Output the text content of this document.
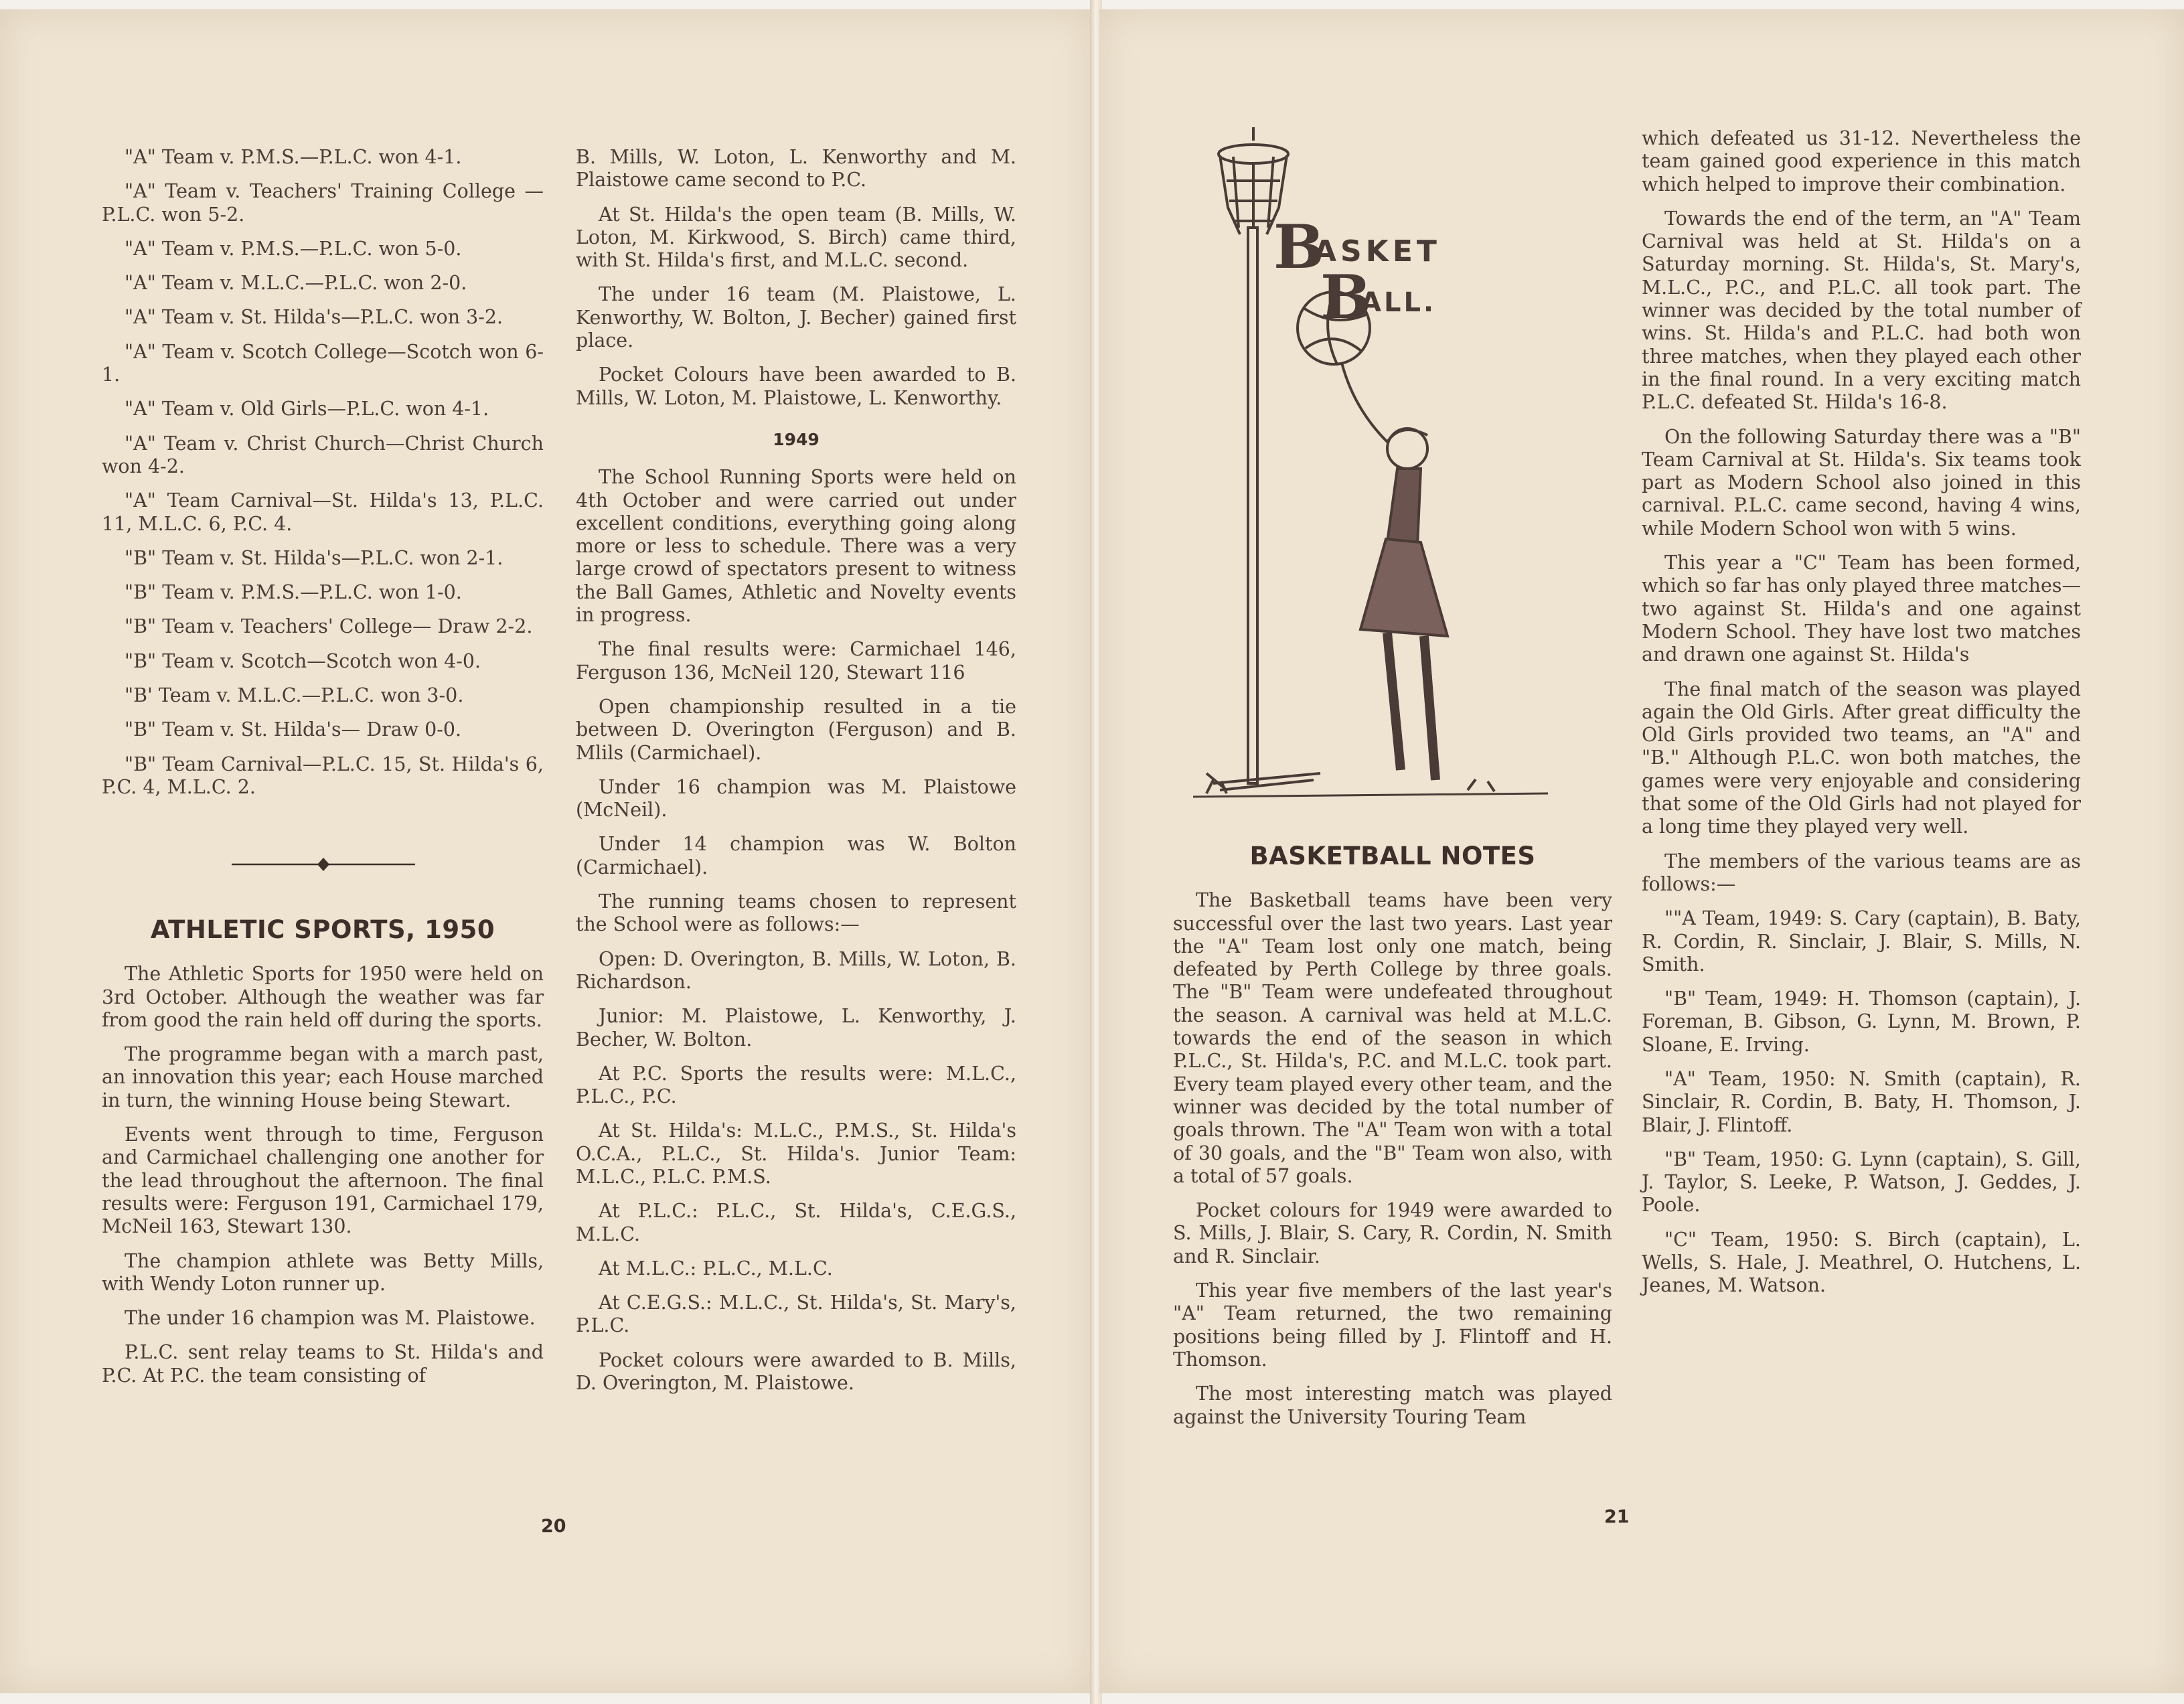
"A" Team v. P.M.S.—P.L.C. won 4-1.

"A" Team v. Teachers' Training College —P.L.C. won 5-2.

"A" Team v. P.M.S.—P.L.C. won 5-0.

"A" Team v. M.L.C.—P.L.C. won 2-0.

"A" Team v. St. Hilda's—P.L.C. won 3-2.

"A" Team v. Scotch College—Scotch won 6-1.

"A" Team v. Old Girls—P.L.C. won 4-1.

"A" Team v. Christ Church—Christ Church won 4-2.

"A" Team Carnival—St. Hilda's 13, P.L.C. 11, M.L.C. 6, P.C. 4.

"B" Team v. St. Hilda's—P.L.C. won 2-1.

"B" Team v. P.M.S.—P.L.C. won 1-0.

"B" Team v. Teachers' College— Draw 2-2.

"B" Team v. Scotch—Scotch won 4-0.

"B' Team v. M.L.C.—P.L.C. won 3-0.

"B" Team v. St. Hilda's— Draw 0-0.

"B" Team Carnival—P.L.C. 15, St. Hilda's 6, P.C. 4, M.L.C. 2.

ATHLETIC SPORTS, 1950

The Athletic Sports for 1950 were held on 3rd October. Although the weather was far from good the rain held off during the sports.

The programme began with a march past, an innovation this year; each House marched in turn, the winning House being Stewart.

Events went through to time, Ferguson and Carmichael challenging one another for the lead throughout the afternoon. The final results were: Ferguson 191, Carmichael 179, McNeil 163, Stewart 130.

The champion athlete was Betty Mills, with Wendy Loton runner up.

The under 16 champion was M. Plaistowe.

P.L.C. sent relay teams to St. Hilda's and P.C. At P.C. the team consisting of

B. Mills, W. Loton, L. Kenworthy and M. Plaistowe came second to P.C.

At St. Hilda's the open team (B. Mills, W. Loton, M. Kirkwood, S. Birch) came third, with St. Hilda's first, and M.L.C. second.

The under 16 team (M. Plaistowe, L. Kenworthy, W. Bolton, J. Becher) gained first place.

Pocket Colours have been awarded to B. Mills, W. Loton, M. Plaistowe, L. Kenworthy.

1949

The School Running Sports were held on 4th October and were carried out under excellent conditions, everything going along more or less to schedule. There was a very large crowd of spectators present to witness the Ball Games, Athletic and Novelty events in progress.

The final results were: Carmichael 146, Ferguson 136, McNeil 120, Stewart 116

Open championship resulted in a tie between D. Overington (Ferguson) and B. Mlils (Carmichael).

Under 16 champion was M. Plaistowe (McNeil).

Under 14 champion was W. Bolton (Carmichael).

The running teams chosen to represent the School were as follows:—

Open: D. Overington, B. Mills, W. Loton, B. Richardson.

Junior: M. Plaistowe, L. Kenworthy, J. Becher, W. Bolton.

At P.C. Sports the results were: M.L.C., P.L.C., P.C.

At St. Hilda's: M.L.C., P.M.S., St. Hilda's O.C.A., P.L.C., St. Hilda's. Junior Team: M.L.C., P.L.C. P.M.S.

At P.L.C.: P.L.C., St. Hilda's, C.E.G.S., M.L.C.

At M.L.C.: P.L.C., M.L.C.

At C.E.G.S.: M.L.C., St. Hilda's, St. Mary's, P.L.C.

Pocket colours were awarded to B. Mills, D. Overington, M. Plaistowe.

20
B
ASKET
B
ALL.
BASKETBALL NOTES

The Basketball teams have been very successful over the last two years. Last year the "A" Team lost only one match, being defeated by Perth College by three goals. The "B" Team were undefeated throughout the season. A carnival was held at M.L.C. towards the end of the season in which P.L.C., St. Hilda's, P.C. and M.L.C. took part. Every team played every other team, and the winner was decided by the total number of goals thrown. The "A" Team won with a total of 30 goals, and the "B" Team won also, with a total of 57 goals.

Pocket colours for 1949 were awarded to S. Mills, J. Blair, S. Cary, R. Cordin, N. Smith and R. Sinclair.

This year five members of the last year's "A" Team returned, the two remaining positions being filled by J. Flintoff and H. Thomson.

The most interesting match was played against the University Touring Team

which defeated us 31-12. Nevertheless the team gained good experience in this match which helped to improve their combination.

Towards the end of the term, an "A" Team Carnival was held at St. Hilda's on a Saturday morning. St. Hilda's, St. Mary's, M.L.C., P.C., and P.L.C. all took part. The winner was decided by the total number of wins. St. Hilda's and P.L.C. had both won three matches, when they played each other in the final round. In a very exciting match P.L.C. defeated St. Hilda's 16-8.

On the following Saturday there was a "B" Team Carnival at St. Hilda's. Six teams took part as Modern School also joined in this carnival. P.L.C. came second, having 4 wins, while Modern School won with 5 wins.

This year a "C" Team has been formed, which so far has only played three matches—two against St. Hilda's and one against Modern School. They have lost two matches and drawn one against St. Hilda's

The final match of the season was played again the Old Girls. After great difficulty the Old Girls provided two teams, an "A" and "B." Although P.L.C. won both matches, the games were very enjoyable and considering that some of the Old Girls had not played for a long time they played very well.

The members of the various teams are as follows:—

""A Team, 1949: S. Cary (captain), B. Baty, R. Cordin, R. Sinclair, J. Blair, S. Mills, N. Smith.

"B" Team, 1949: H. Thomson (captain), J. Foreman, B. Gibson, G. Lynn, M. Brown, P. Sloane, E. Irving.

"A" Team, 1950: N. Smith (captain), R. Sinclair, R. Cordin, B. Baty, H. Thomson, J. Blair, J. Flintoff.

"B" Team, 1950: G. Lynn (captain), S. Gill, J. Taylor, S. Leeke, P. Watson, J. Geddes, J. Poole.

"C" Team, 1950: S. Birch (captain), L. Wells, S. Hale, J. Meathrel, O. Hutchens, L. Jeanes, M. Watson.

21
